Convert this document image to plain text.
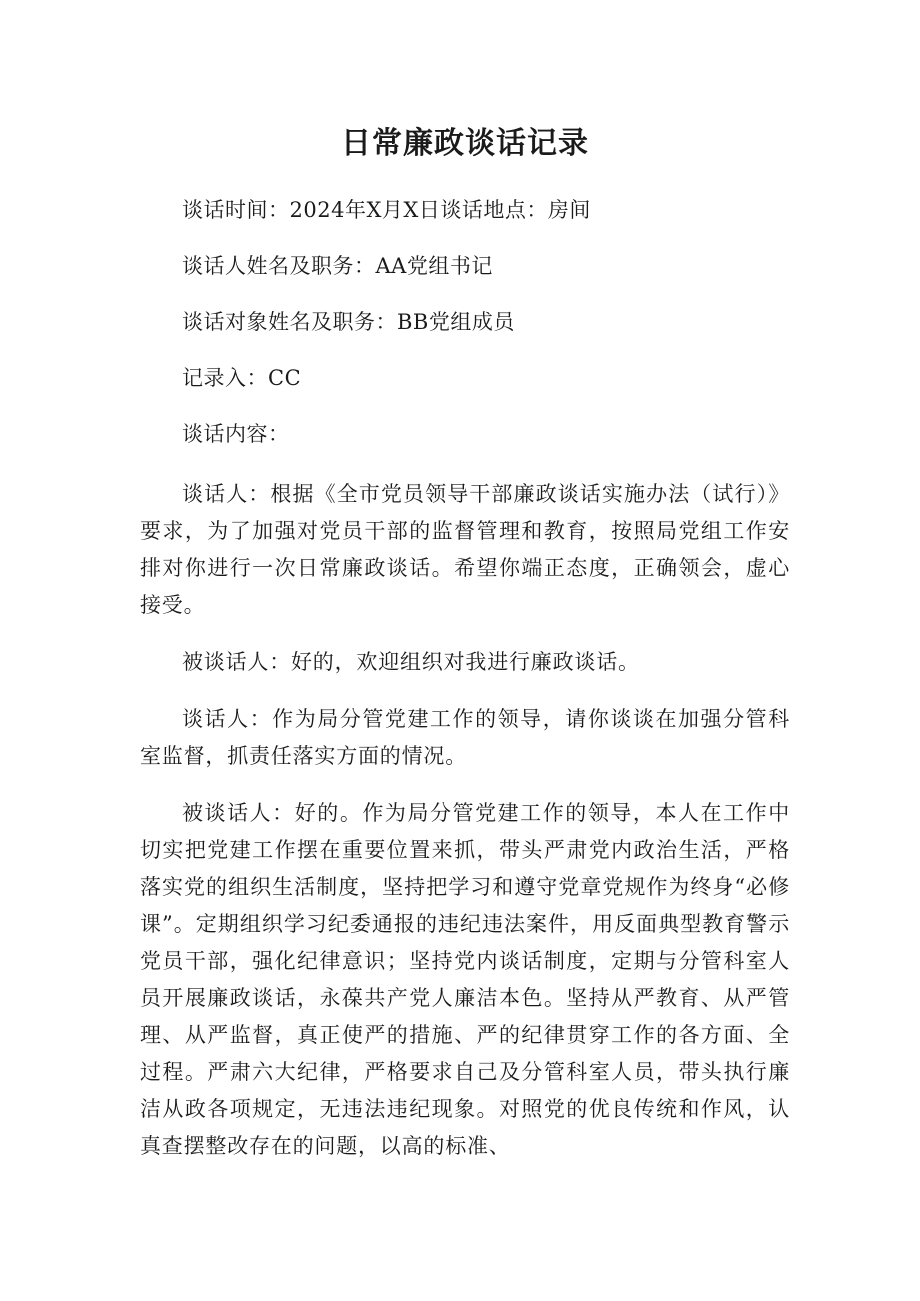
日常廉政谈话记录

谈话时间：2024年X月X日谈话地点：房间

谈话人姓名及职务：AA党组书记

谈话对象姓名及职务：BB党组成员

记录入：CC

谈话内容：

谈话人：根据《全市党员领导干部廉政谈话实施办法（试行）》要求，为了加强对党员干部的监督管理和教育，按照局党组工作安排对你进行一次日常廉政谈话。希望你端正态度，正确领会，虚心接受。

被谈话人：好的，欢迎组织对我进行廉政谈话。

谈话人：作为局分管党建工作的领导，请你谈谈在加强分管科室监督，抓责任落实方面的情况。

被谈话人：好的。作为局分管党建工作的领导，本人在工作中切实把党建工作摆在重要位置来抓，带头严肃党内政治生活，严格落实党的组织生活制度，坚持把学习和遵守党章党规作为终身“必修课”。定期组织学习纪委通报的违纪违法案件，用反面典型教育警示党员干部，强化纪律意识；坚持党内谈话制度，定期与分管科室人员开展廉政谈话，永葆共产党人廉洁本色。坚持从严教育、从严管理、从严监督，真正使严的措施、严的纪律贯穿工作的各方面、全过程。严肃六大纪律，严格要求自己及分管科室人员，带头执行廉洁从政各项规定，无违法违纪现象。对照党的优良传统和作风，认真查摆整改存在的问题，以高的标准、
